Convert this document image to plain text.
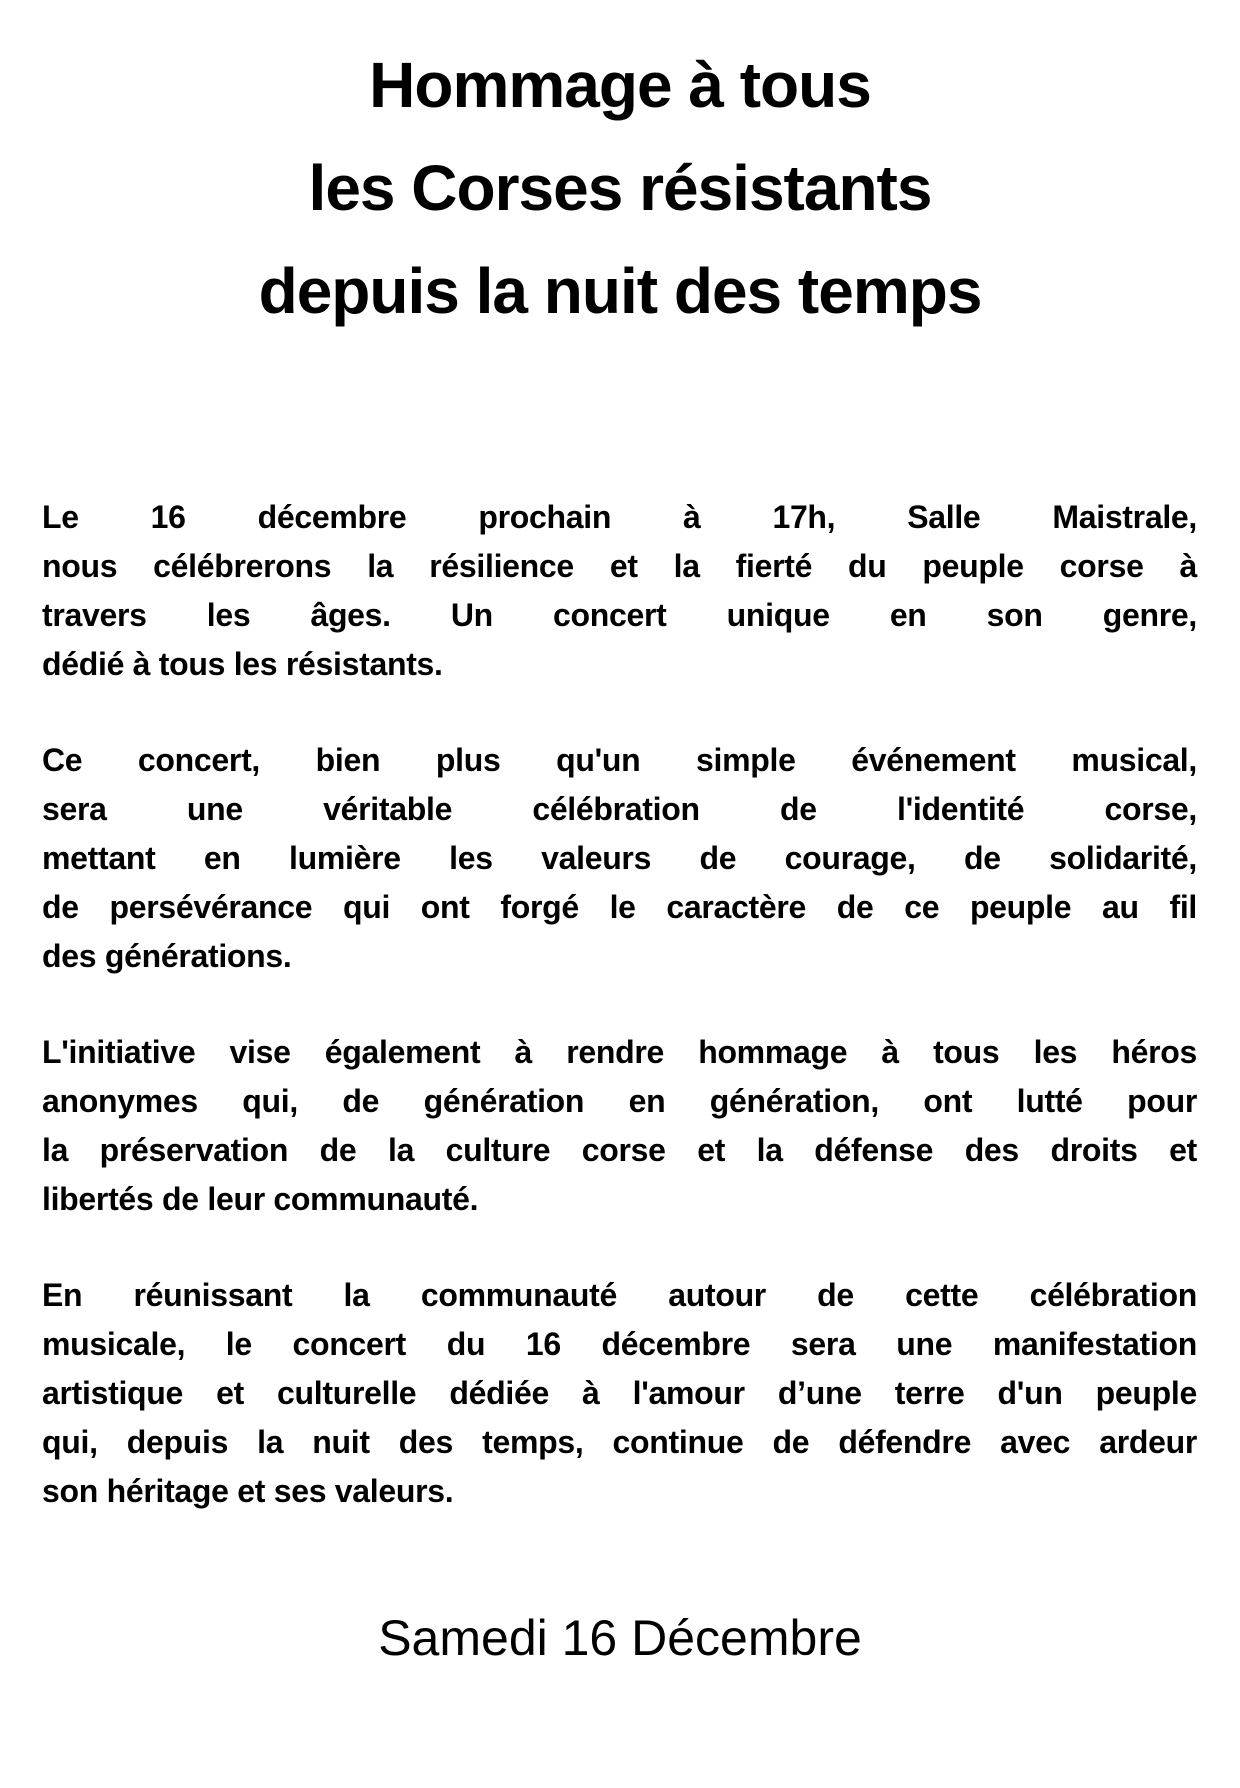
Hommage à tous
les Corses résistants
depuis la nuit des temps

Le 16 décembre prochain à 17h, Salle Maistrale,
nous célébrerons la résilience et la fierté du peuple corse à
travers les âges. Un concert unique en son genre,
dédié à tous les résistants.

Ce concert, bien plus qu'un simple événement musical,
sera une véritable célébration de l'identité corse,
mettant en lumière les valeurs de courage, de solidarité,
de persévérance qui ont forgé le caractère de ce peuple au fil
des générations.

L'initiative vise également à rendre hommage à tous les héros
anonymes qui, de génération en génération, ont lutté pour
la préservation de la culture corse et la défense des droits et
libertés de leur communauté.

En réunissant la communauté autour de cette célébration
musicale, le concert du 16 décembre sera une manifestation
artistique et culturelle dédiée à l'amour d’une terre d'un peuple
qui, depuis la nuit des temps, continue de défendre avec ardeur
son héritage et ses valeurs.

Samedi 16 Décembre
